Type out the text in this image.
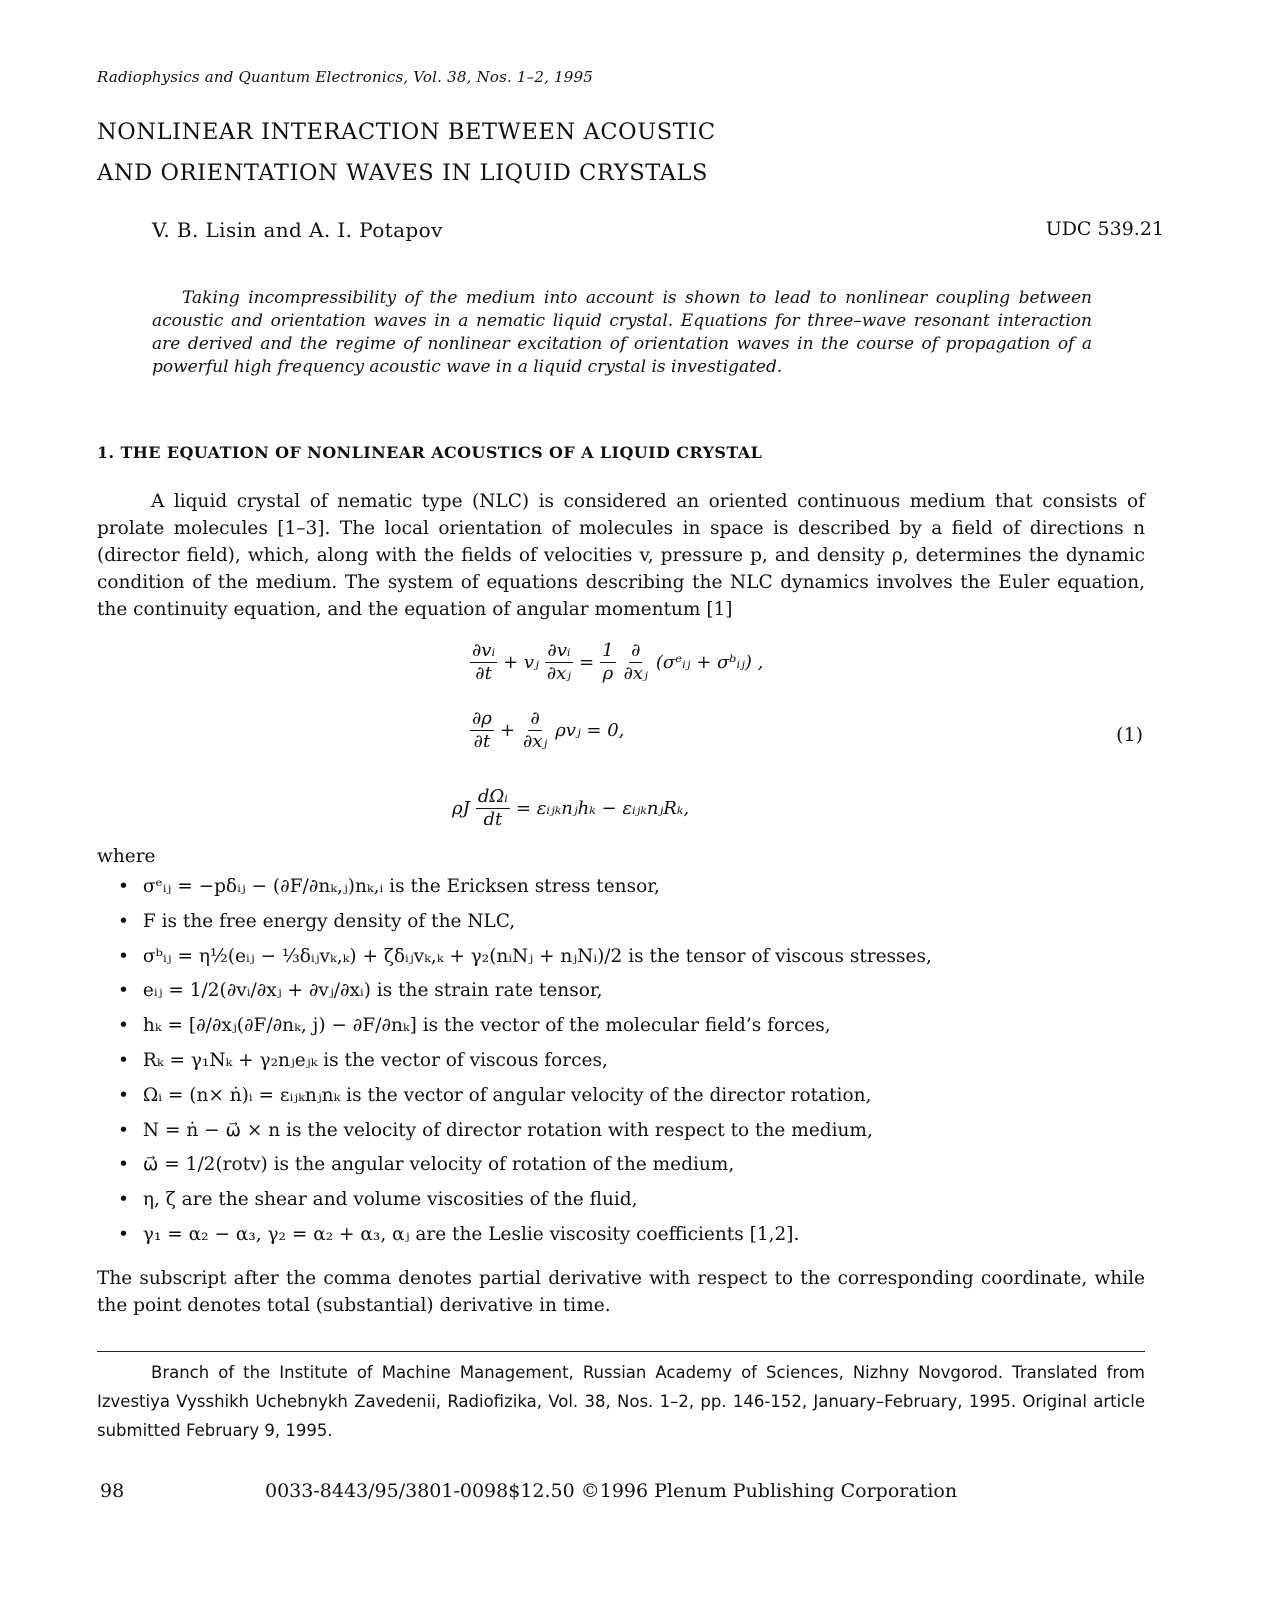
Radiophysics and Quantum Electronics, Vol. 38, Nos. 1–2, 1995
NONLINEAR INTERACTION BETWEEN ACOUSTIC
AND ORIENTATION WAVES IN LIQUID CRYSTALS
V. B. Lisin and A. I. Potapov	UDC 539.21
Taking incompressibility of the medium into account is shown to lead to nonlinear coupling between acoustic and orientation waves in a nematic liquid crystal. Equations for three–wave resonant interaction are derived and the regime of nonlinear excitation of orientation waves in the course of propagation of a powerful high frequency acoustic wave in a liquid crystal is investigated.
1. THE EQUATION OF NONLINEAR ACOUSTICS OF A LIQUID CRYSTAL
A liquid crystal of nematic type (NLC) is considered an oriented continuous medium that consists of prolate molecules [1–3]. The local orientation of molecules in space is described by a field of directions n (director field), which, along with the fields of velocities v, pressure p, and density ρ, determines the dynamic condition of the medium. The system of equations describing the NLC dynamics involves the Euler equation, the continuity equation, and the equation of angular momentum [1]
$\frac{\text{∂vᵢ}}{\partial t}$ + vⱼ $\frac{\text{∂vᵢ}}{\text{∂xⱼ}} = \frac{1}{\rho} \frac{\partial}{\text{∂xⱼ}}$ (σᵉᵢⱼ + σᵇᵢⱼ) ,
$\frac{\partial\rho}{\partial t} + \frac{\partial}{\text{∂xⱼ}}$ ρvⱼ = 0,
ρJ $\frac{\text{dΩᵢ}}{dt}$ = εᵢⱼₖnⱼhₖ − εᵢⱼₖnⱼRₖ,
(1)
where
• σᵉᵢⱼ = −pδᵢⱼ − (∂F/∂nₖ,ⱼ)nₖ,ᵢ is the Ericksen stress tensor,
• F is the free energy density of the NLC,
• σᵇᵢⱼ = η½(eᵢⱼ − ⅓δᵢⱼvₖ,ₖ) + ζδᵢⱼvₖ,ₖ + γ₂(nᵢNⱼ + nⱼNᵢ)/2 is the tensor of viscous stresses,
• eᵢⱼ = 1/2(∂vᵢ/∂xⱼ + ∂vⱼ/∂xᵢ) is the strain rate tensor,
• hₖ = [∂/∂xⱼ(∂F/∂nₖ, j) − ∂F/∂nₖ] is the vector of the molecular field’s forces,
• Rₖ = γ₁Nₖ + γ₂nⱼeⱼₖ is the vector of viscous forces,
• Ωᵢ = (n× ṅ)ᵢ = εᵢⱼₖnⱼnₖ is the vector of angular velocity of the director rotation,
• N = ṅ − ω⃗ × n is the velocity of director rotation with respect to the medium,
• ω⃗ = 1/2(rotv) is the angular velocity of rotation of the medium,
• η, ζ are the shear and volume viscosities of the fluid,
• γ₁ = α₂ − α₃, γ₂ = α₂ + α₃, αⱼ are the Leslie viscosity coefficients [1,2].
The subscript after the comma denotes partial derivative with respect to the corresponding coordinate, while the point denotes total (substantial) derivative in time.
Branch of the Institute of Machine Management, Russian Academy of Sciences, Nizhny Novgorod. Translated from Izvestiya Vysshikh Uchebnykh Zavedenii, Radiofizika, Vol. 38, Nos. 1–2, pp. 146-152, January–February, 1995. Original article submitted February 9, 1995.
98	0033-8443/95/3801-0098$12.50 ©1996 Plenum Publishing Corporation
